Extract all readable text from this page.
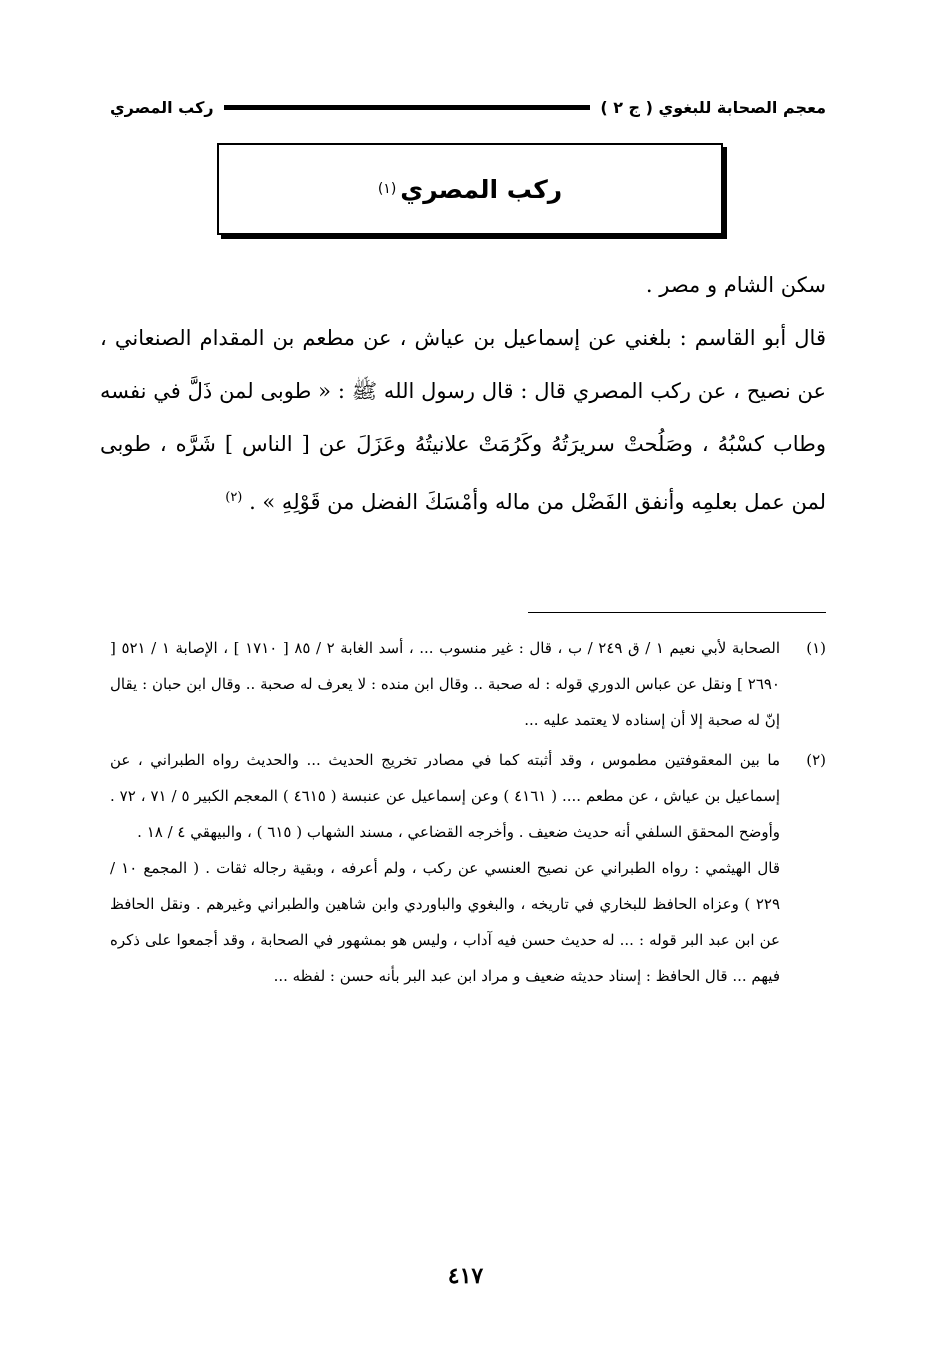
معجم الصحابة للبغوي ( ج ٢ )
ركب المصري
ركب المصري
(١)

سكن الشام و مصر .

قال أبو القاسم : بلغني عن إسماعيل بن عياش ، عن مطعم بن المقدام الصنعاني ، عن نصيح ، عن ركب المصري قال : قال رسول الله ﷺ : « طوبى لمن ذَلَّ في نفسه وطاب كسْبُهُ ، وصَلُحتْ سريرَتُهُ وكَرُمَتْ علانيتُهُ وعَزَلَ عن [ الناس ] شَرَّه ، طوبى لمن عمل بعلمِه وأنفق الفَضْل من ماله وأمْسَكَ الفضل من قَوْلِهِ » . $^{(٢)}$

(١)

الصحابة لأبي نعيم ١ / ق ٢٤٩ / ب ، قال : غير منسوب ... ، أسد الغابة ٢ / ٨٥ [ ١٧١٠ ] ، الإصابة ١ / ٥٢١ [ ٢٦٩٠ ] ونقل عن عباس الدوري قوله : له صحبة .. وقال ابن منده : لا يعرف له صحبة .. وقال ابن حبان : يقال إنّ له صحبة إلا أن إسناده لا يعتمد عليه ...

(٢)

ما بين المعقوفتين مطموس ، وقد أثبته كما في مصادر تخريج الحديث ... والحديث رواه الطبراني ، عن إسماعيل بن عياش ، عن مطعم .... ( ٤١٦١ ) وعن إسماعيل عن عنبسة ( ٤٦١٥ ) المعجم الكبير ٥ / ٧١ ، ٧٢ . وأوضح المحقق السلفي أنه حديث ضعيف . وأخرجه القضاعي ، مسند الشهاب ( ٦١٥ ) ، والبيهقي ٤ / ١٨ .

قال الهيثمي : رواه الطبراني عن نصيح العنسي عن ركب ، ولم أعرفه ، وبقية رجاله ثقات . ( المجمع ١٠ / ٢٢٩ ) وعزاه الحافظ للبخاري في تاريخه ، والبغوي والباوردي وابن شاهين والطبراني وغيرهم . ونقل الحافظ عن ابن عبد البر قوله : ... له حديث حسن فيه آداب ، وليس هو بمشهور في الصحابة ، وقد أجمعوا على ذكره فيهم ... قال الحافظ : إسناد حديثه ضعيف و مراد ابن عبد البر بأنه حسن : لفظه ...

٤١٧
